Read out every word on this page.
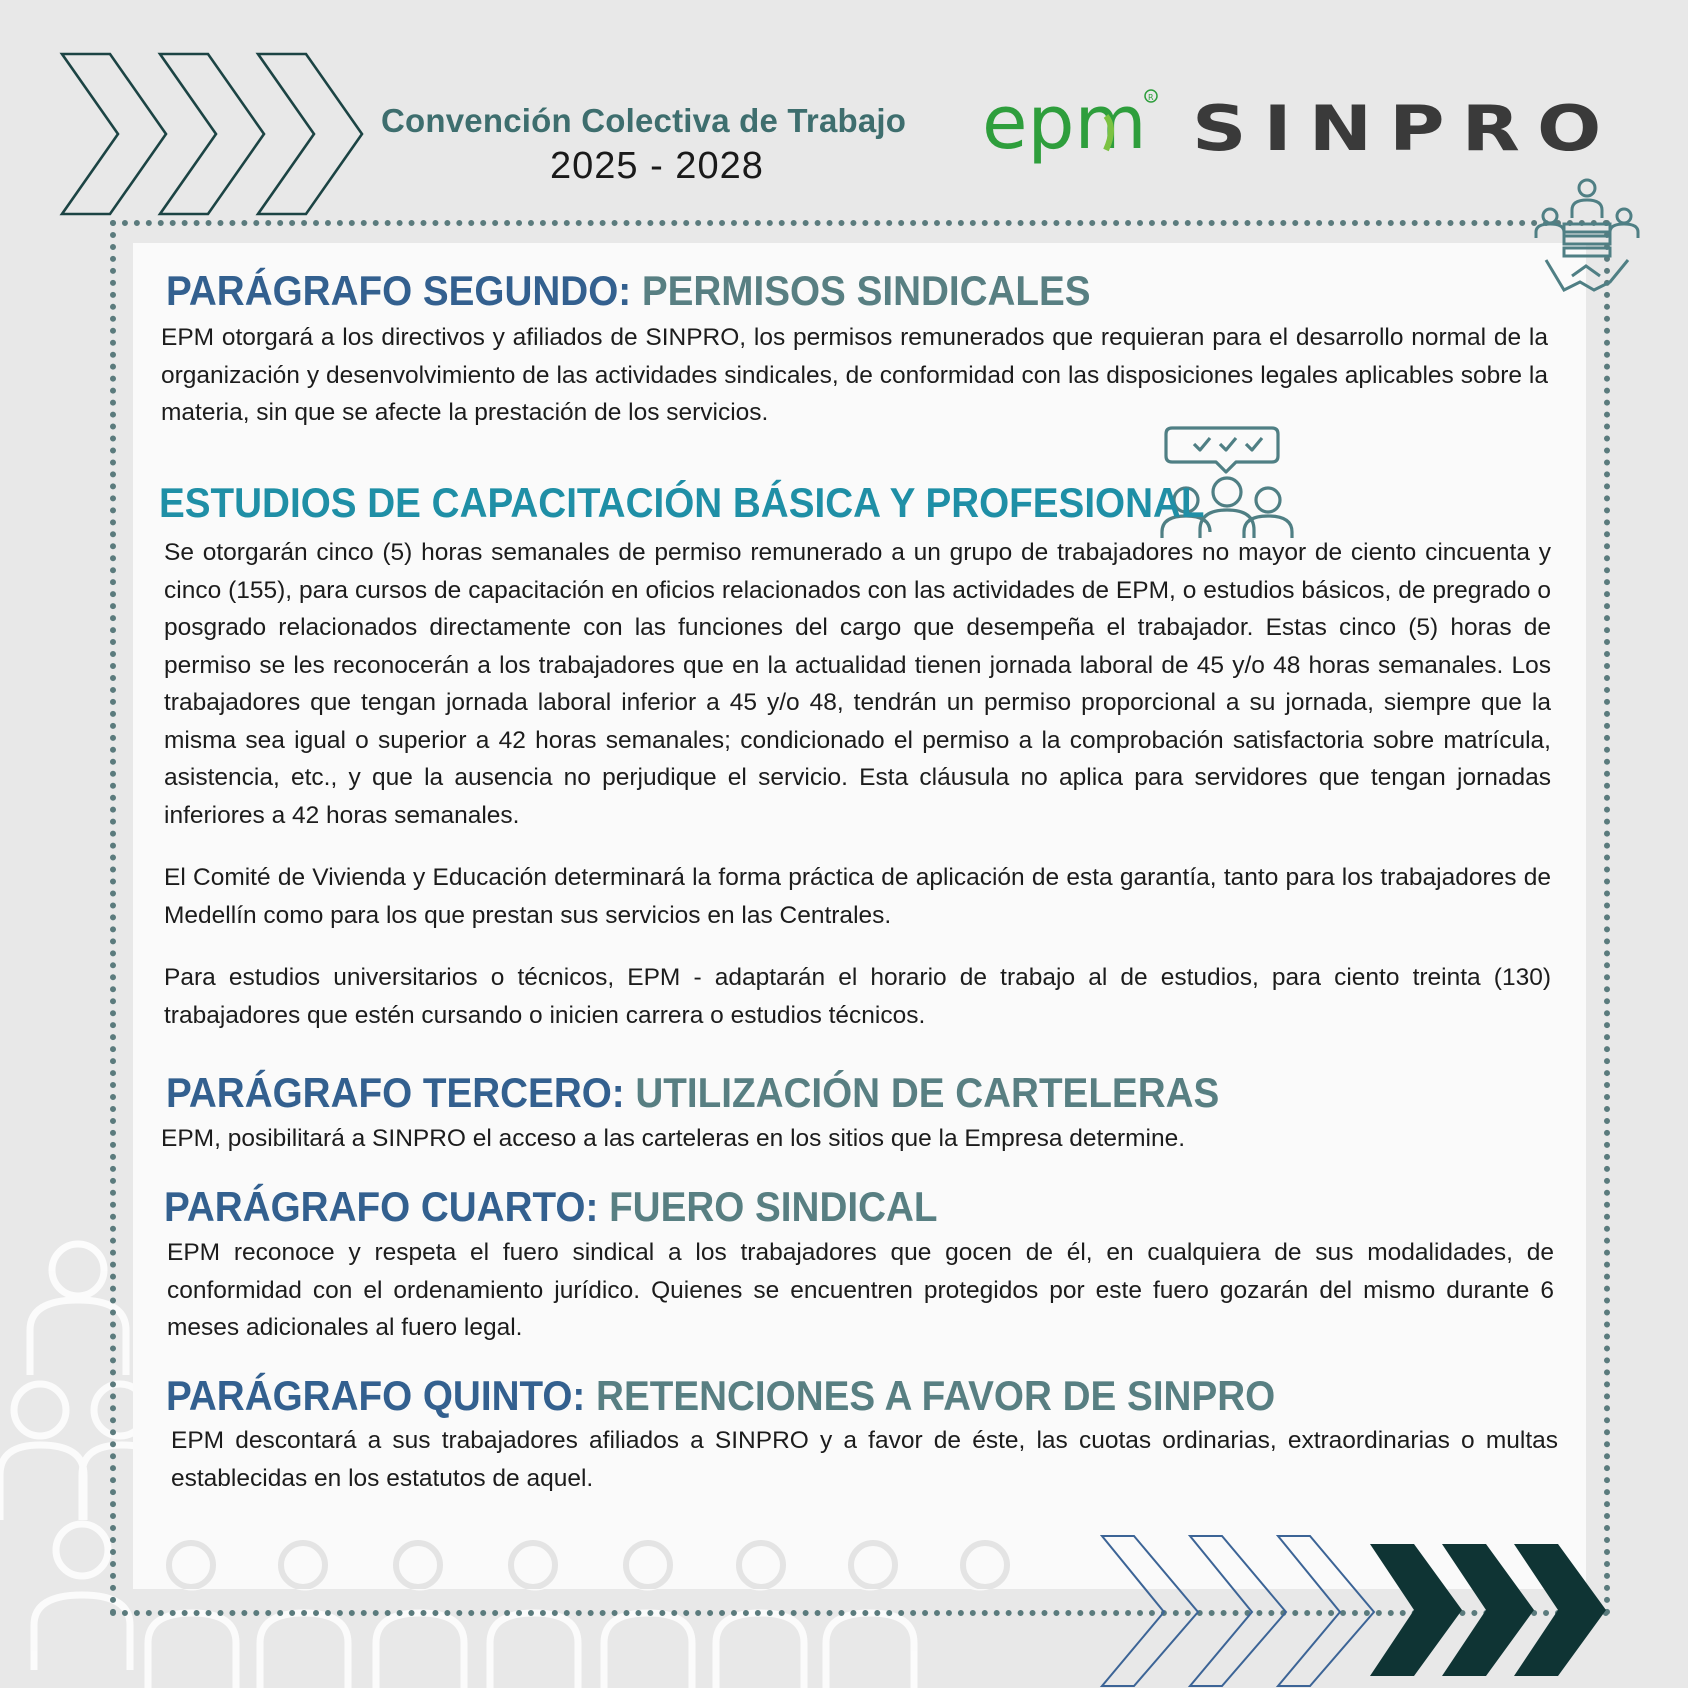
Convención Colectiva de Trabajo
2025 - 2028	epm R SINPRO
PARÁGRAFO SEGUNDO: PERMISOS SINDICALES

EPM otorgará a los directivos y afiliados de SINPRO, los permisos remunerados que requieran para el desarrollo normal de la organización y desenvolvimiento de las actividades sindicales, de conformidad con las disposiciones legales aplicables sobre la materia, sin que se afecte la prestación de los servicios.

ESTUDIOS DE CAPACITACIÓN BÁSICA Y PROFESIONAL

Se otorgarán cinco (5) horas semanales de permiso remunerado a un grupo de trabajadores no mayor de ciento cincuenta y cinco (155), para cursos de capacitación en oficios relacionados con las actividades de EPM, o estudios básicos, de pregrado o posgrado relacionados directamente con las funciones del cargo que desempeña el trabajador. Estas cinco (5) horas de permiso se les reconocerán a los trabajadores que en la actualidad tienen jornada laboral de 45 y/o 48 horas semanales. Los trabajadores que tengan jornada laboral inferior a 45 y/o 48, tendrán un permiso proporcional a su jornada, siempre que la misma sea igual o superior a 42 horas semanales; condicionado el permiso a la comprobación satisfactoria sobre matrícula, asistencia, etc., y que la ausencia no perjudique el servicio. Esta cláusula no aplica para servidores que tengan jornadas inferiores a 42 horas semanales.

El Comité de Vivienda y Educación determinará la forma práctica de aplicación de esta garantía, tanto para los trabajadores de Medellín como para los que prestan sus servicios en las Centrales.

Para estudios universitarios o técnicos, EPM - adaptarán el horario de trabajo al de estudios, para ciento treinta (130) trabajadores que estén cursando o inicien carrera o estudios técnicos.

PARÁGRAFO TERCERO: UTILIZACIÓN DE CARTELERAS

EPM, posibilitará a SINPRO el acceso a las carteleras en los sitios que la Empresa determine.

PARÁGRAFO CUARTO: FUERO SINDICAL

EPM reconoce y respeta el fuero sindical a los trabajadores que gocen de él, en cualquiera de sus modalidades, de conformidad con el ordenamiento jurídico. Quienes se encuentren protegidos por este fuero gozarán del mismo durante 6 meses adicionales al fuero legal.

PARÁGRAFO QUINTO: RETENCIONES A FAVOR DE SINPRO

EPM descontará a sus trabajadores afiliados a SINPRO y a favor de éste, las cuotas ordinarias, extraordinarias o multas establecidas en los estatutos de aquel.
